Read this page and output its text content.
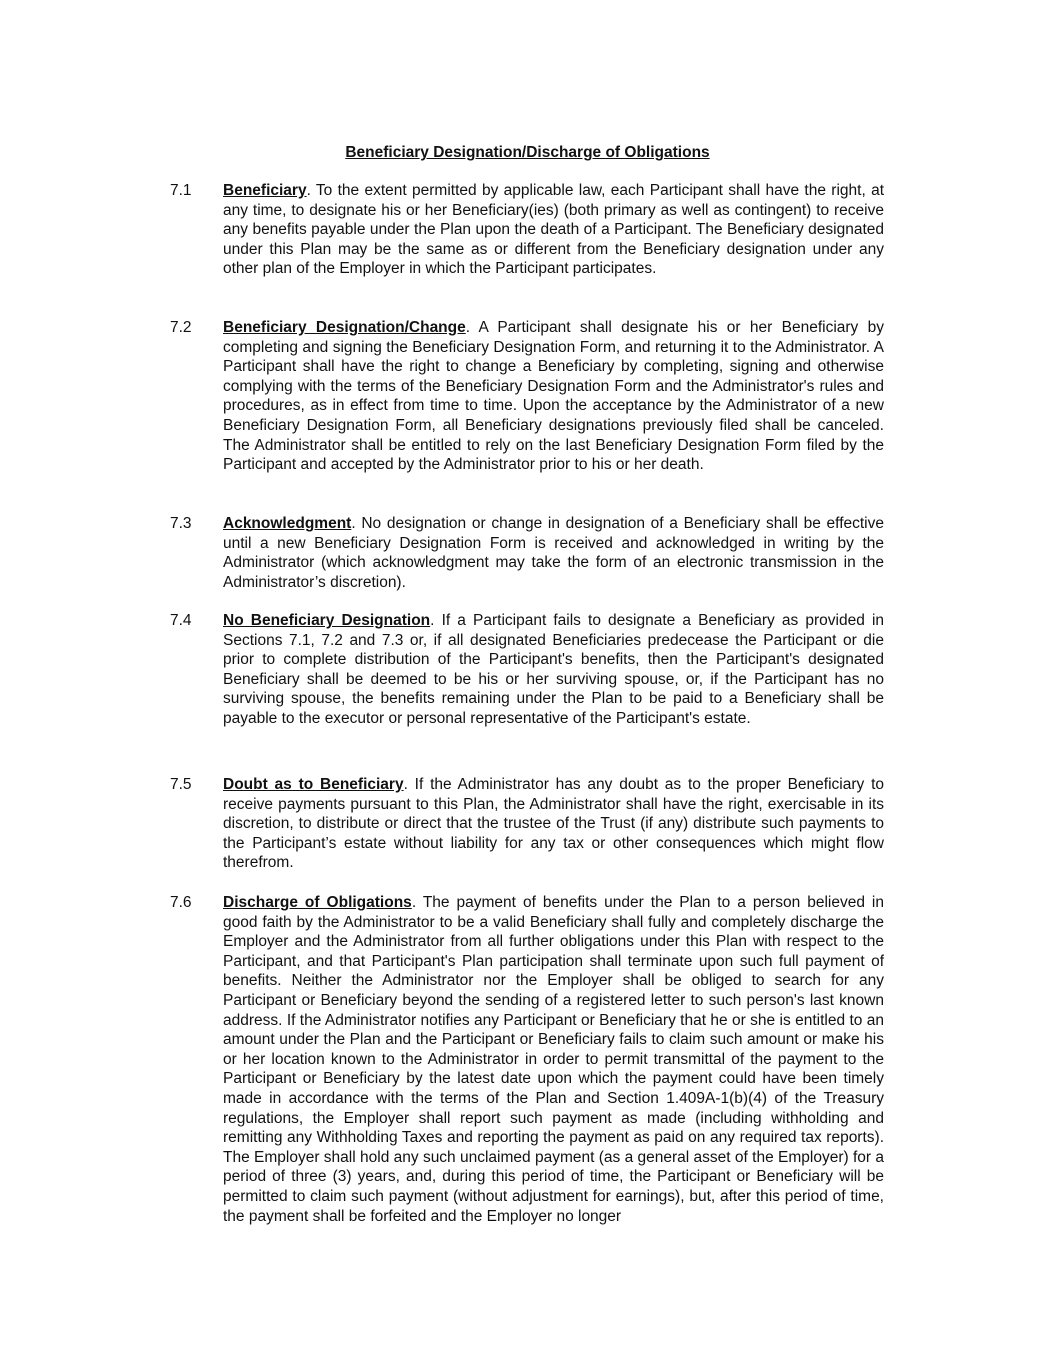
Beneficiary Designation/Discharge of Obligations
7.1 Beneficiary. To the extent permitted by applicable law, each Participant shall have the right, at any time, to designate his or her Beneficiary(ies) (both primary as well as contingent) to receive any benefits payable under the Plan upon the death of a Participant. The Beneficiary designated under this Plan may be the same as or different from the Beneficiary designation under any other plan of the Employer in which the Participant participates.
7.2 Beneficiary Designation/Change. A Participant shall designate his or her Beneficiary by completing and signing the Beneficiary Designation Form, and returning it to the Administrator. A Participant shall have the right to change a Beneficiary by completing, signing and otherwise complying with the terms of the Beneficiary Designation Form and the Administrator's rules and procedures, as in effect from time to time. Upon the acceptance by the Administrator of a new Beneficiary Designation Form, all Beneficiary designations previously filed shall be canceled. The Administrator shall be entitled to rely on the last Beneficiary Designation Form filed by the Participant and accepted by the Administrator prior to his or her death.
7.3 Acknowledgment. No designation or change in designation of a Beneficiary shall be effective until a new Beneficiary Designation Form is received and acknowledged in writing by the Administrator (which acknowledgment may take the form of an electronic transmission in the Administrator’s discretion).
7.4 No Beneficiary Designation. If a Participant fails to designate a Beneficiary as provided in Sections 7.1, 7.2 and 7.3 or, if all designated Beneficiaries predecease the Participant or die prior to complete distribution of the Participant's benefits, then the Participant's designated Beneficiary shall be deemed to be his or her surviving spouse, or, if the Participant has no surviving spouse, the benefits remaining under the Plan to be paid to a Beneficiary shall be payable to the executor or personal representative of the Participant's estate.
7.5 Doubt as to Beneficiary. If the Administrator has any doubt as to the proper Beneficiary to receive payments pursuant to this Plan, the Administrator shall have the right, exercisable in its discretion, to distribute or direct that the trustee of the Trust (if any) distribute such payments to the Participant’s estate without liability for any tax or other consequences which might flow therefrom.
7.6 Discharge of Obligations. The payment of benefits under the Plan to a person believed in good faith by the Administrator to be a valid Beneficiary shall fully and completely discharge the Employer and the Administrator from all further obligations under this Plan with respect to the Participant, and that Participant's Plan participation shall terminate upon such full payment of benefits. Neither the Administrator nor the Employer shall be obliged to search for any Participant or Beneficiary beyond the sending of a registered letter to such person's last known address. If the Administrator notifies any Participant or Beneficiary that he or she is entitled to an amount under the Plan and the Participant or Beneficiary fails to claim such amount or make his or her location known to the Administrator in order to permit transmittal of the payment to the Participant or Beneficiary by the latest date upon which the payment could have been timely made in accordance with the terms of the Plan and Section 1.409A-1(b)(4) of the Treasury regulations, the Employer shall report such payment as made (including withholding and remitting any Withholding Taxes and reporting the payment as paid on any required tax reports). The Employer shall hold any such unclaimed payment (as a general asset of the Employer) for a period of three (3) years, and, during this period of time, the Participant or Beneficiary will be permitted to claim such payment (without adjustment for earnings), but, after this period of time, the payment shall be forfeited and the Employer no longer
